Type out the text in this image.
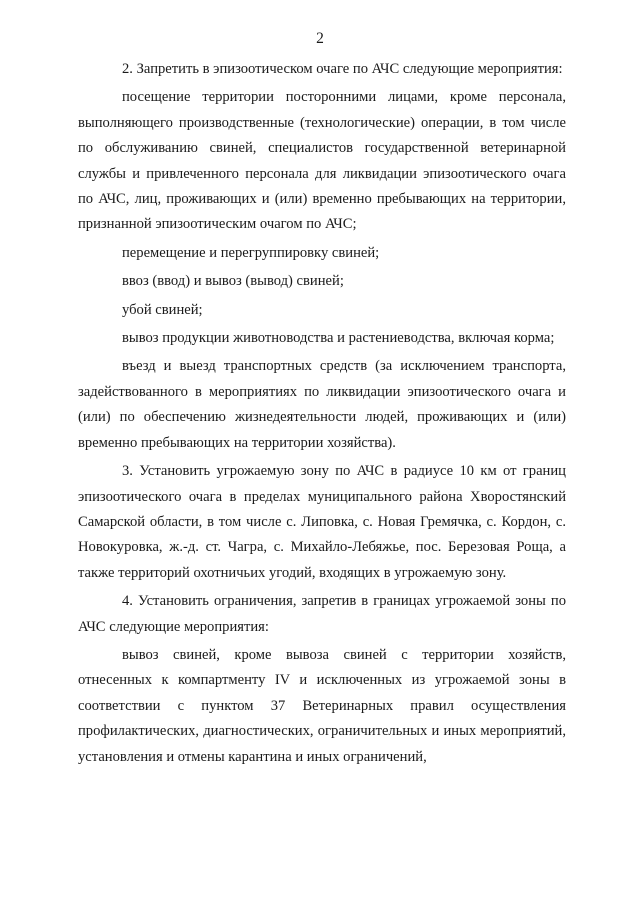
2

2. Запретить в эпизоотическом очаге по АЧС следующие мероприятия:

посещение территории посторонними лицами, кроме персонала, выполняющего производственные (технологические) операции, в том числе по обслуживанию свиней, специалистов государственной ветеринарной службы и привлеченного персонала для ликвидации эпизоотического очага по АЧС, лиц, проживающих и (или) временно пребывающих на территории, признанной эпизоотическим очагом по АЧС;

перемещение и перегруппировку свиней;

ввоз (ввод) и вывоз (вывод) свиней;

убой свиней;

вывоз продукции животноводства и растениеводства, включая корма;

въезд и выезд транспортных средств (за исключением транспорта, задействованного в мероприятиях по ликвидации эпизоотического очага и (или) по обеспечению жизнедеятельности людей, проживающих и (или) временно пребывающих на территории хозяйства).

3. Установить угрожаемую зону по АЧС в радиусе 10 км от границ эпизоотического очага в пределах муниципального района Хворостянский Самарской области, в том числе с. Липовка, с. Новая Гремячка, с. Кордон, с. Новокуровка, ж.-д. ст. Чагра, с. Михайло-Лебяжье, пос. Березовая Роща, а также территорий охотничьих угодий, входящих в угрожаемую зону.

4. Установить ограничения, запретив в границах угрожаемой зоны по АЧС следующие мероприятия:

вывоз свиней, кроме вывоза свиней с территории хозяйств, отнесенных к компартменту IV и исключенных из угрожаемой зоны в соответствии с пунктом 37 Ветеринарных правил осуществления профилактических, диагностических, ограничительных и иных мероприятий, установления и отмены карантина и иных ограничений,
